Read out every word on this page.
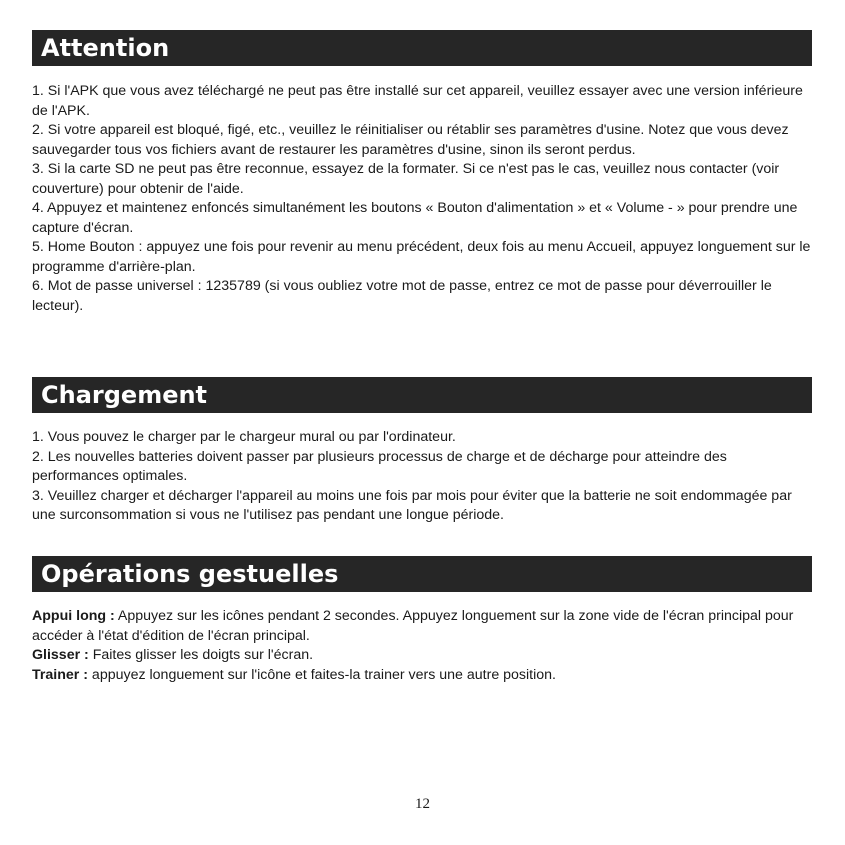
Attention

1. Si l'APK que vous avez téléchargé ne peut pas être installé sur cet appareil, veuillez essayer avec une version inférieure de l'APK.

2. Si votre appareil est bloqué, figé, etc., veuillez le réinitialiser ou rétablir ses paramètres d'usine. Notez que vous devez sauvegarder tous vos fichiers avant de restaurer les paramètres d'usine, sinon ils seront perdus.

3. Si la carte SD ne peut pas être reconnue, essayez de la formater. Si ce n'est pas le cas, veuillez nous contacter (voir couverture) pour obtenir de l'aide.

4. Appuyez et maintenez enfoncés simultanément les boutons « Bouton d'alimentation » et « Volume - » pour prendre une capture d'écran.

5. Home Bouton : appuyez une fois pour revenir au menu précédent, deux fois au menu Accueil, appuyez longuement sur le programme d'arrière-plan.

6. Mot de passe universel : 1235789 (si vous oubliez votre mot de passe, entrez ce mot de passe pour déverrouiller le lecteur).

Chargement

1. Vous pouvez le charger par le chargeur mural ou par l'ordinateur.

2. Les nouvelles batteries doivent passer par plusieurs processus de charge et de décharge pour atteindre des performances optimales.

3. Veuillez charger et décharger l'appareil au moins une fois par mois pour éviter que la batterie ne soit endommagée par une surconsommation si vous ne l'utilisez pas pendant une longue période.

Opérations gestuelles

Appui long : Appuyez sur les icônes pendant 2 secondes. Appuyez longuement sur la zone vide de l'écran principal pour accéder à l'état d'édition de l'écran principal.

Glisser : Faites glisser les doigts sur l'écran.

Trainer : appuyez longuement sur l'icône et faites-la trainer vers une autre position.

12
